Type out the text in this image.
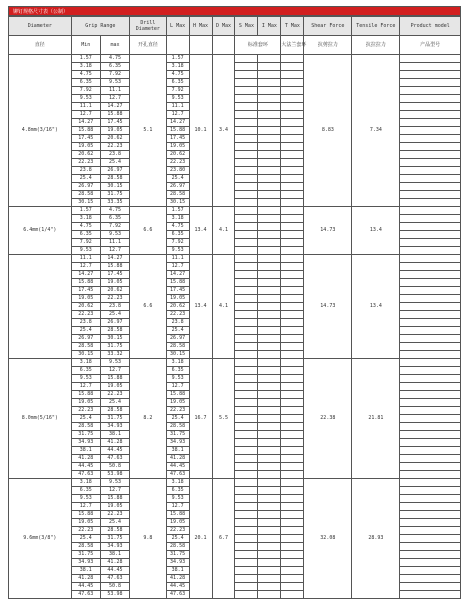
铆钉规格尺寸表（公制）
Diameter	Grip Range		Drill Diameter	L Max	H Max	D Max	S Max	I Max	T Max	Shear Force	Tensile Force	Product model
直径	Min	max	开孔直径				标准套环		大法兰套环	抗剪拉力	抗拉拉力	产品型号
4.8mm(3/16")	1.57	4.75	5.1	1.57	10.1	3.4				8.83	7.34	
	3.18	6.35		3.18								
	4.75	7.92		4.75								
	6.35	9.53		6.35								
	7.92	11.1		7.92								
	9.53	12.7		9.53								
	11.1	14.27		11.1								
	12.7	15.88		12.7								
	14.27	17.45		14.27								
	15.88	19.05		15.88								
	17.45	20.62		17.45								
	19.05	22.23		19.05								
	20.62	23.8		20.62								
	22.23	25.4		22.23								
	23.8	26.97		23.80								
	25.4	28.58		25.4								
	26.97	30.15		26.97								
	28.58	31.75		28.58								
	30.15	33.35		30.15								
6.4mm(1/4")	1.57	4.75	6.6	1.57	13.4	4.1				14.73	13.4	
	3.18	6.35		3.18								
	4.75	7.92		4.75								
	6.35	9.53		6.35								
	7.92	11.1		7.92								
	9.53	12.7		9.53								
	11.1	14.27	6.6	11.1	13.4	4.1				14.73	13.4	
	12.7	15.88		12.7								
	14.27	17.45		14.27								
	15.88	19.05		15.88								
	17.45	20.62		17.45								
	19.05	22.23		19.05								
	20.62	23.8		20.62								
	22.23	25.4		22.23								
	23.8	26.97		23.8								
	25.4	28.58		25.4								
	26.97	30.15		26.97								
	28.58	31.75		28.58								
	30.15	33.32		30.15								
8.0mm(5/16")	3.18	9.53	8.2	3.18	16.7	5.5				22.38	21.81	
	6.35	12.7		6.35								
	9.53	15.88		9.53								
	12.7	19.05		12.7								
	15.88	22.23		15.88								
	19.05	25.4		19.05								
	22.23	28.58		22.23								
	25.4	31.75		25.4								
	28.58	34.93		28.58								
	31.75	38.1		31.75								
	34.93	41.28		34.93								
	38.1	44.45		38.1								
	41.28	47.63		41.28								
	44.45	50.8		44.45								
	47.63	53.98		47.63								
9.6mm(3/8")	3.18	9.53	9.8	3.18	20.1	6.7				32.08	28.93	
	6.35	12.7		6.35								
	9.53	15.88		9.53								
	12.7	19.05		12.7								
	15.88	22.23		15.88								
	19.05	25.4		19.05								
	22.23	28.58		22.23								
	25.4	31.75		25.4								
	28.58	34.93		28.58								
	31.75	38.1		31.75								
	34.93	41.28		34.93								
	38.1	44.45		38.1								
	41.28	47.63		41.28								
	44.45	50.8		44.45								
	47.63	53.98		47.63								
